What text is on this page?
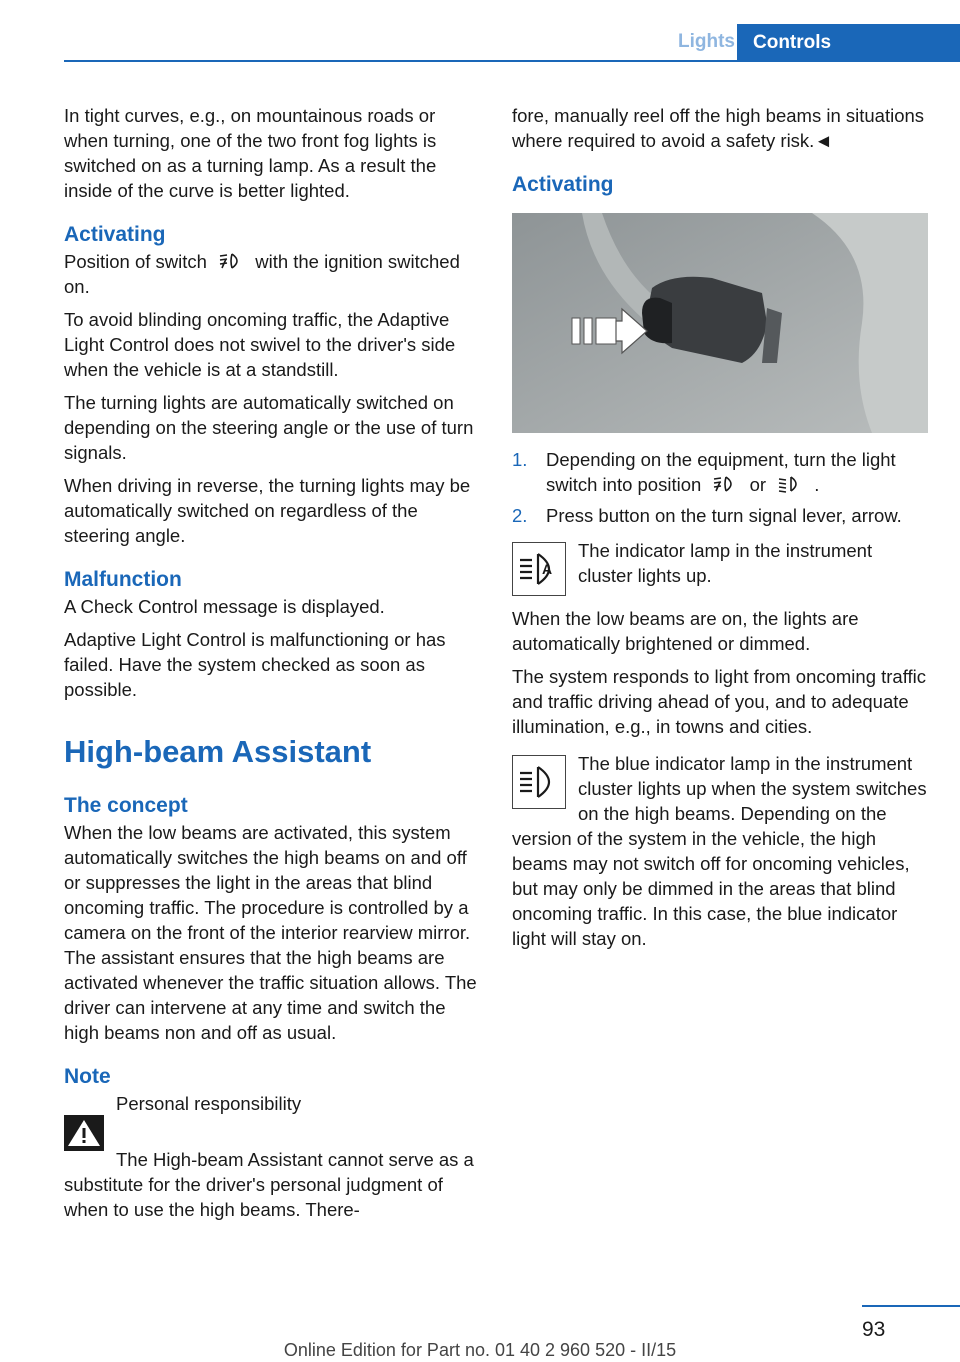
Lights Controls

In tight curves, e.g., on mountainous roads or when turning, one of the two front fog lights is switched on as a turning lamp. As a result the inside of the curve is better lighted.

Activating

Position of switch	with the ignition switched on.

To avoid blinding oncoming traffic, the Adaptive Light Control does not swivel to the driver's side when the vehicle is at a standstill.

The turning lights are automatically switched on depending on the steering angle or the use of turn signals.

When driving in reverse, the turning lights may be automatically switched on regardless of the steering angle.

Malfunction

A Check Control message is displayed.

Adaptive Light Control is malfunctioning or has failed. Have the system checked as soon as possible.

High-beam Assistant
The concept

When the low beams are activated, this system automatically switches the high beams on and off or suppresses the light in the areas that blind oncoming traffic. The procedure is controlled by a camera on the front of the interior rearview mirror. The assistant ensures that the high beams are activated whenever the traffic situation allows. The driver can intervene at any time and switch the high beams non and off as usual.

Note

Personal responsibility

The High-beam Assistant cannot serve as a substitute for the driver's personal judgment of when to use the high beams. There-

fore, manually reel off the high beams in situations where required to avoid a safety risk.◄

Activating
1. Depending on the equipment, turn the light switch into position	or	.
2. Press button on the turn signal lever, arrow.
A

The indicator lamp in the instrument cluster lights up.

When the low beams are on, the lights are automatically brightened or dimmed.

The system responds to light from oncoming traffic and traffic driving ahead of you, and to adequate illumination, e.g., in towns and cities.

The blue indicator lamp in the instrument cluster lights up when the system switches on the high beams. Depending on the version of the system in the vehicle, the high beams may not switch off for oncoming vehicles, but may only be dimmed in the areas that blind oncoming traffic. In this case, the blue indicator light will stay on.

93
Online Edition for Part no. 01 40 2 960 520 - II/15
